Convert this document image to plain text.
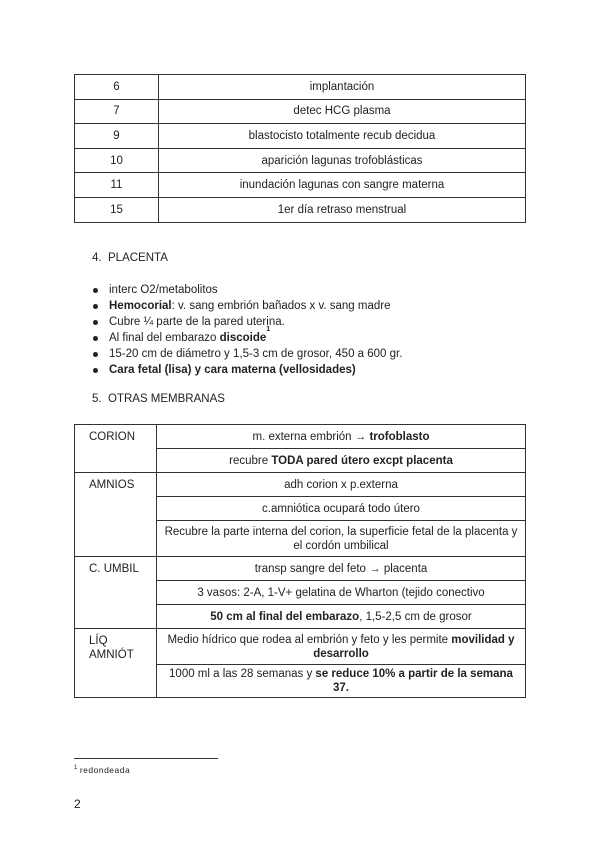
6	implantación
7	detec HCG plasma
9	blastocisto totalmente recub decidua
10	aparición lagunas trofoblásticas
11	inundación lagunas con sangre materna
15	1er día retraso menstrual
4. PLACENTA
interc O2/metabolitos
Hemocorial: v. sang embrión bañados x v. sang madre
Cubre ¼ parte de la pared uterina.
Al final del embarazo discoide$^1$
15-20 cm de diámetro y 1,5-3 cm de grosor, 450 a 600 gr.
Cara fetal (lisa) y cara materna (vellosidades)
5. OTRAS MEMBRANAS
CORION	m. externa embrión → trofoblasto
	recubre TODA pared útero excpt placenta
AMNIOS	adh corion x p.externa
	c.amniótica ocupará todo útero
	Recubre la parte interna del corion, la superficie fetal de la placenta y el cordón umbilical
C. UMBIL	transp sangre del feto → placenta
	3 vasos: 2-A, 1-V+ gelatina de Wharton (tejido conectivo
	50 cm al final del embarazo, 1,5-2,5 cm de grosor
LÍQ AMNIÓT	Medio hídrico que rodea al embrión y feto y les permite movilidad y desarrollo
	1000 ml a las 28 semanas y se reduce 10% a partir de la semana 37.
$^1$ redondeada
2
